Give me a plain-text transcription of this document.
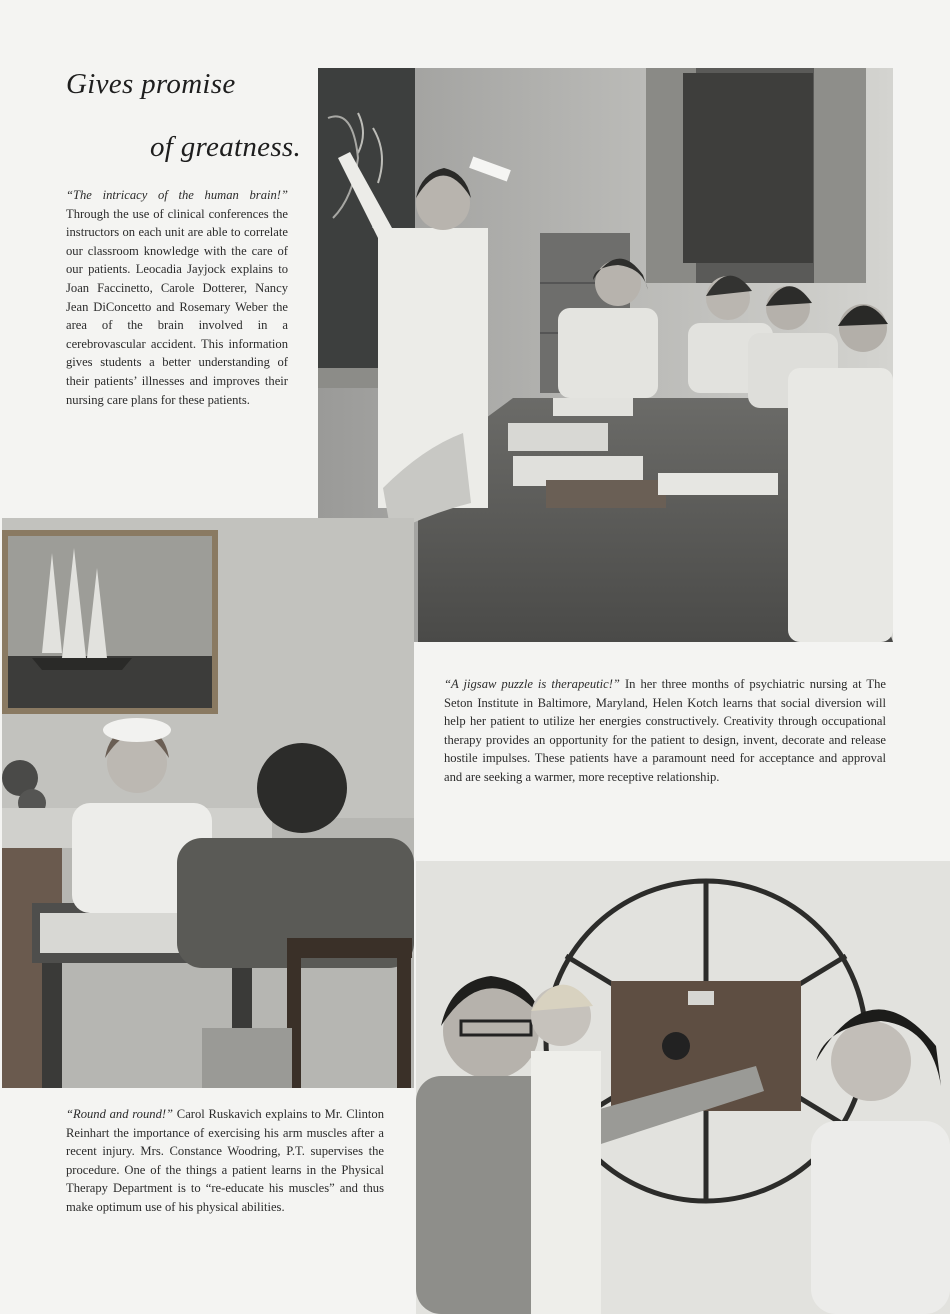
Gives promise
of greatness.

“The intricacy of the human brain!” Through the use of clinical conferences the instructors on each unit are able to correlate our classroom knowledge with the care of our patients. Leocadia Jayjock explains to Joan Faccinetto, Carole Dotterer, Nancy Jean DiConcetto and Rosemary Weber the area of the brain involved in a cerebrovascular accident. This information gives students a better understanding of their patients’ illnesses and improves their nursing care plans for these patients.

“A jigsaw puzzle is therapeutic!” In her three months of psychiatric nursing at The Seton Institute in Baltimore, Maryland, Helen Kotch learns that social diversion will help her patient to utilize her energies constructively. Creativity through occupational therapy provides an opportunity for the patient to design, invent, decorate and release hostile impulses. These patients have a paramount need for acceptance and approval and are seeking a warmer, more receptive relationship.

“Round and round!” Carol Ruskavich explains to Mr. Clinton Reinhart the importance of exercising his arm muscles after a recent injury. Mrs. Constance Woodring, P.T. supervises the procedure. One of the things a patient learns in the Physical Therapy Department is to “re-educate his muscles” and thus make optimum use of his physical abilities.
